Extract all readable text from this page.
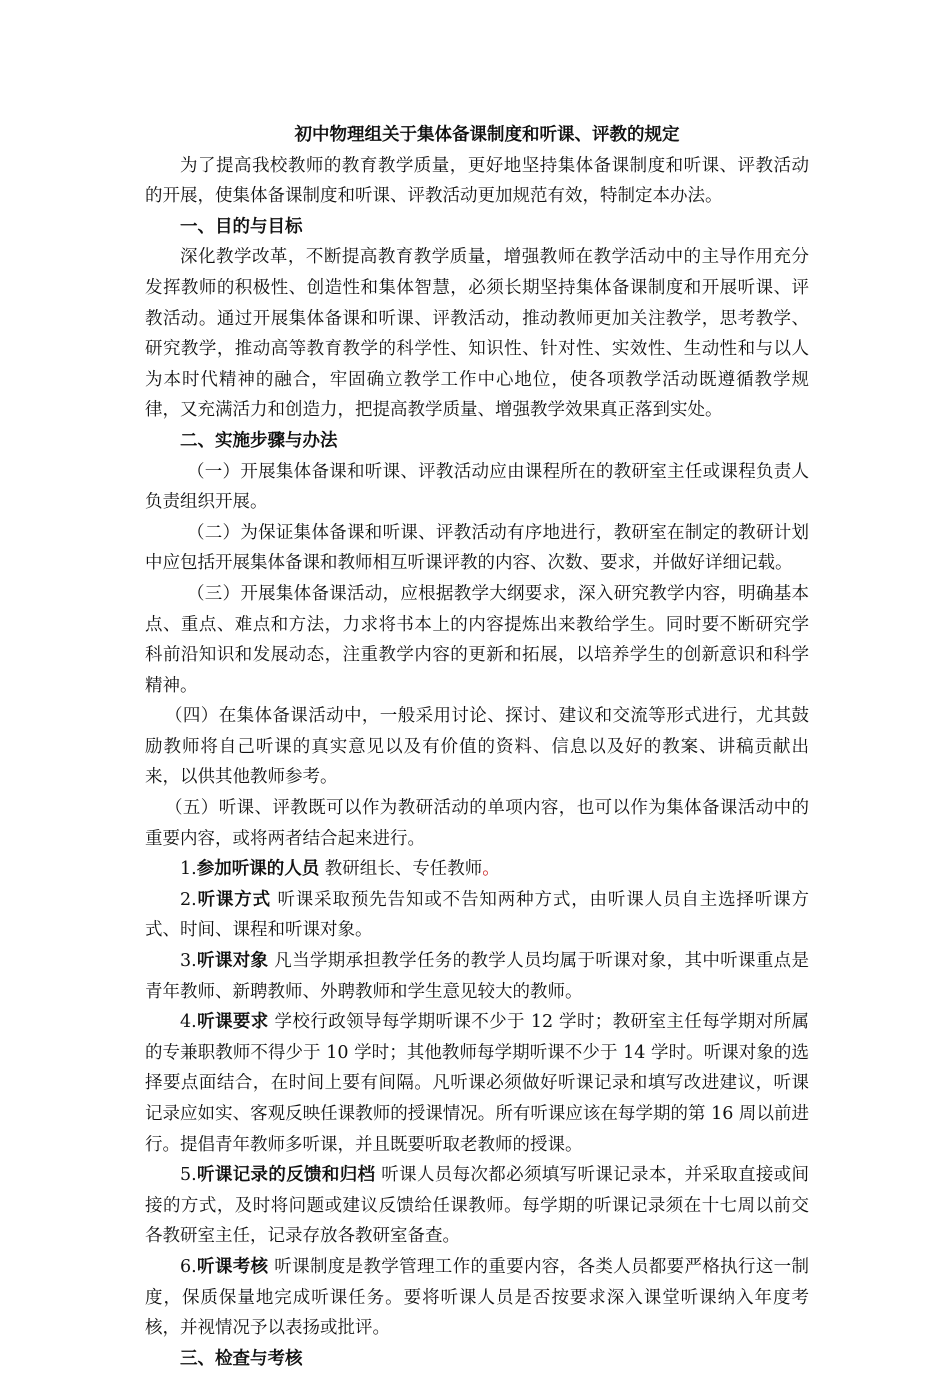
初中物理组关于集体备课制度和听课、评教的规定

为了提高我校教师的教育教学质量，更好地坚持集体备课制度和听课、评教活动的开展，使集体备课制度和听课、评教活动更加规范有效，特制定本办法。

一、目的与目标

深化教学改革，不断提高教育教学质量，增强教师在教学活动中的主导作用充分发挥教师的积极性、创造性和集体智慧，必须长期坚持集体备课制度和开展听课、评教活动。通过开展集体备课和听课、评教活动，推动教师更加关注教学，思考教学、研究教学，推动高等教育教学的科学性、知识性、针对性、实效性、生动性和与以人为本时代精神的融合，牢固确立教学工作中心地位，使各项教学活动既遵循教学规律，又充满活力和创造力，把提高教学质量、增强教学效果真正落到实处。

二、实施步骤与办法

（一）开展集体备课和听课、评教活动应由课程所在的教研室主任或课程负责人负责组织开展。

（二）为保证集体备课和听课、评教活动有序地进行，教研室在制定的教研计划中应包括开展集体备课和教师相互听课评教的内容、次数、要求，并做好详细记载。

（三）开展集体备课活动，应根据教学大纲要求，深入研究教学内容，明确基本点、重点、难点和方法，力求将书本上的内容提炼出来教给学生。同时要不断研究学科前沿知识和发展动态，注重教学内容的更新和拓展，以培养学生的创新意识和科学精神。

（四）在集体备课活动中，一般采用讨论、探讨、建议和交流等形式进行，尤其鼓励教师将自己听课的真实意见以及有价值的资料、信息以及好的教案、讲稿贡献出来，以供其他教师参考。

（五）听课、评教既可以作为教研活动的单项内容，也可以作为集体备课活动中的重要内容，或将两者结合起来进行。

1.参加听课的人员 教研组长、专任教师。

2.听课方式 听课采取预先告知或不告知两种方式，由听课人员自主选择听课方式、时间、课程和听课对象。

3.听课对象 凡当学期承担教学任务的教学人员均属于听课对象，其中听课重点是青年教师、新聘教师、外聘教师和学生意见较大的教师。

4.听课要求 学校行政领导每学期听课不少于 12 学时；教研室主任每学期对所属的专兼职教师不得少于 10 学时；其他教师每学期听课不少于 14 学时。听课对象的选择要点面结合，在时间上要有间隔。凡听课必须做好听课记录和填写改进建议，听课记录应如实、客观反映任课教师的授课情况。所有听课应该在每学期的第 16 周以前进行。提倡青年教师多听课，并且既要听取老教师的授课。

5.听课记录的反馈和归档 听课人员每次都必须填写听课记录本，并采取直接或间接的方式，及时将问题或建议反馈给任课教师。每学期的听课记录须在十七周以前交各教研室主任，记录存放各教研室备查。

6.听课考核 听课制度是教学管理工作的重要内容，各类人员都要严格执行这一制度，保质保量地完成听课任务。要将听课人员是否按要求深入课堂听课纳入年度考核，并视情况予以表扬或批评。

三、检查与考核
